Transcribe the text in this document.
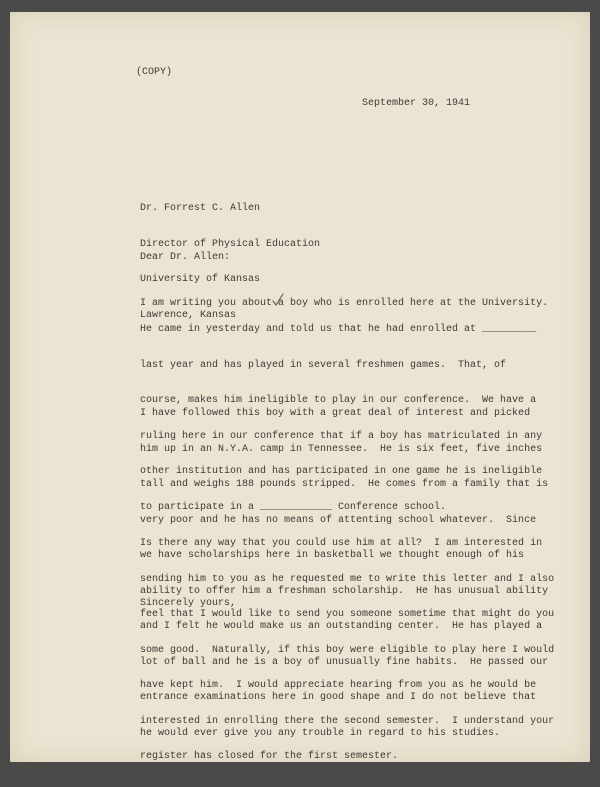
(COPY)
September 30, 1941

Dr. Forrest C. Allen

Director of Physical Education

University of Kansas

Lawrence, Kansas

Dear Dr. Allen:

I am writing you about a boy who is enrolled here at the University.

He came in yesterday and told us that he had enrolled at _________

last year and has played in several freshmen games.  That, of

course, makes him ineligible to play in our conference.  We have a

ruling here in our conference that if a boy has matriculated in any

other institution and has participated in one game he is ineligible

to participate in a ____________ Conference school.

I have followed this boy with a great deal of interest and picked

him up in an N.Y.A. camp in Tennessee.  He is six feet, five inches

tall and weighs 188 pounds stripped.  He comes from a family that is

very poor and he has no means of attenting school whatever.  Since

we have scholarships here in basketball we thought enough of his

ability to offer him a freshman scholarship.  He has unusual ability

and I felt he would make us an outstanding center.  He has played a

lot of ball and he is a boy of unusually fine habits.  He passed our

entrance examinations here in good shape and I do not believe that

he would ever give you any trouble in regard to his studies.

Is there any way that you could use him at all?  I am interested in

sending him to you as he requested me to write this letter and I also

feel that I would like to send you someone sometime that might do you

some good.  Naturally, if this boy were eligible to play here I would

have kept him.  I would appreciate hearing from you as he would be

interested in enrolling there the second semester.  I understand your

register has closed for the first semester.

Sincerely yours,
